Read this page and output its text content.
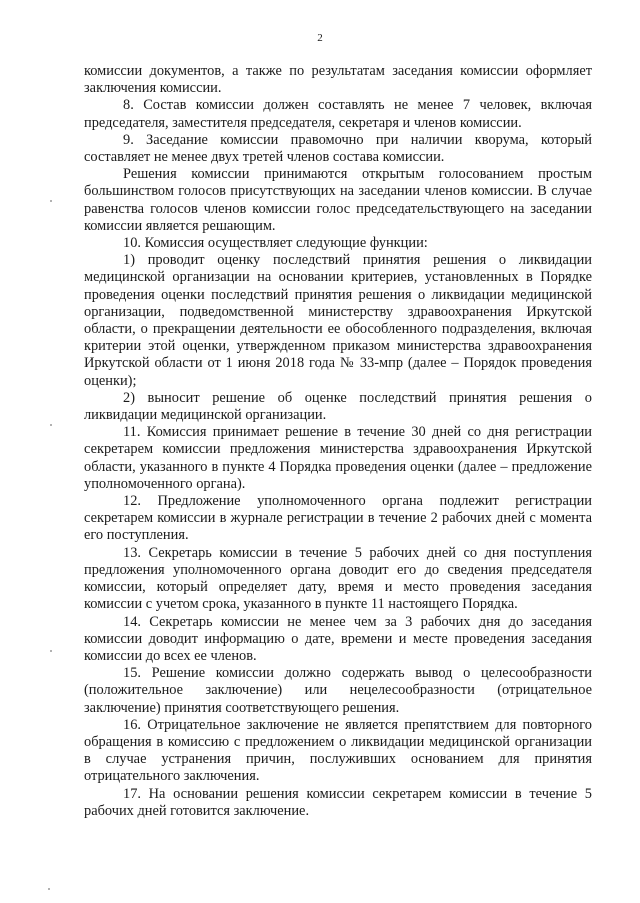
2

комиссии документов, а также по результатам заседания комиссии оформляет заключения комиссии.

8. Состав комиссии должен составлять не менее 7 человек, включая председателя, заместителя председателя, секретаря и членов комиссии.

9. Заседание комиссии правомочно при наличии кворума, который составляет не менее двух третей членов состава комиссии.

Решения комиссии принимаются открытым голосованием простым большинством голосов присутствующих на заседании членов комиссии. В случае равенства голосов членов комиссии голос председательствующего на заседании комиссии является решающим.

10. Комиссия осуществляет следующие функции:

1) проводит оценку последствий принятия решения о ликвидации медицинской организации на основании критериев, установленных в Порядке проведения оценки последствий принятия решения о ликвидации медицинской организации, подведомственной министерству здравоохранения Иркутской области, о прекращении деятельности ее обособленного подразделения, включая критерии этой оценки, утвержденном приказом министерства здравоохранения Иркутской области от 1 июня 2018 года № 33-мпр (далее – Порядок проведения оценки);

2) выносит решение об оценке последствий принятия решения о ликвидации медицинской организации.

11. Комиссия принимает решение в течение 30 дней со дня регистрации секретарем комиссии предложения министерства здравоохранения Иркутской области, указанного в пункте 4 Порядка проведения оценки (далее – предложение уполномоченного органа).

12. Предложение уполномоченного органа подлежит регистрации секретарем комиссии в журнале регистрации в течение 2 рабочих дней с момента его поступления.

13. Секретарь комиссии в течение 5 рабочих дней со дня поступления предложения уполномоченного органа доводит его до сведения председателя комиссии, который определяет дату, время и место проведения заседания комиссии с учетом срока, указанного в пункте 11 настоящего Порядка.

14. Секретарь комиссии не менее чем за 3 рабочих дня до заседания комиссии доводит информацию о дате, времени и месте проведения заседания комиссии до всех ее членов.

15. Решение комиссии должно содержать вывод о целесообразности (положительное заключение) или нецелесообразности (отрицательное заключение) принятия соответствующего решения.

16. Отрицательное заключение не является препятствием для повторного обращения в комиссию с предложением о ликвидации медицинской организации в случае устранения причин, послуживших основанием для принятия отрицательного заключения.

17. На основании решения комиссии секретарем комиссии в течение 5 рабочих дней готовится заключение.
